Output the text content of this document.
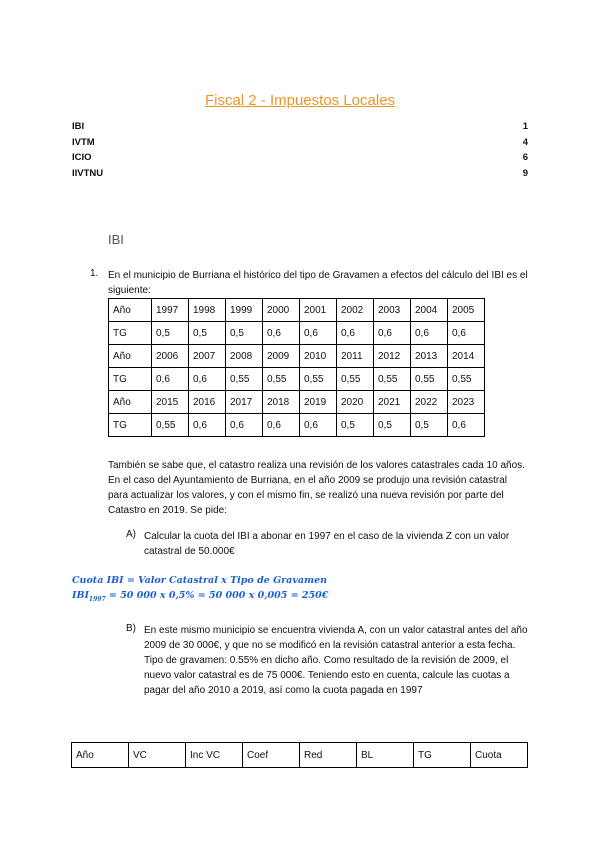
Fiscal 2 - Impuestos Locales
IBI	1
IVTM	4
ICIO	6
IIVTNU	9
IBI
1. En el municipio de Burriana el histórico del tipo de Gravamen a efectos del cálculo del IBI es el siguiente:
Año	1997	1998	1999	2000	2001	2002	2003	2004	2005
TG	0,5	0,5	0,5	0,6	0,6	0,6	0,6	0,6	0,6
Año	2006	2007	2008	2009	2010	2011	2012	2013	2014
TG	0,6	0,6	0,55	0,55	0,55	0,55	0,55	0,55	0,55
Año	2015	2016	2017	2018	2019	2020	2021	2022	2023
TG	0,55	0,6	0,6	0,6	0,6	0,5	0,5	0,5	0,6
También se sabe que, el catastro realiza una revisión de los valores catastrales cada 10 años. En el caso del Ayuntamiento de Burriana, en el año 2009 se produjo una revisión catastral para actualizar los valores, y con el mismo fin, se realizó una nueva revisión por parte del Catastro en 2019. Se pide:
A) Calcular la cuota del IBI a abonar en 1997 en el caso de la vivienda Z con un valor catastral de 50.000€
Cuota IBI = Valor Catastral x Tipo de Gravamen
$IBI_{1997} = 50$ 000 x 0,5% = 50 000 x 0,005 = 250€
B) En este mismo municipio se encuentra vivienda A, con un valor catastral antes del año 2009 de 30 000€, y que no se modificó en la revisión catastral anterior a esta fecha. Tipo de gravamen: 0.55% en dicho año. Como resultado de la revisión de 2009, el nuevo valor catastral es de 75 000€. Teniendo esto en cuenta, calcule las cuotas a pagar del año 2010 a 2019, así como la cuota pagada en 1997
Año	VC	Inc VC	Coef	Red	BL	TG	Cuota
